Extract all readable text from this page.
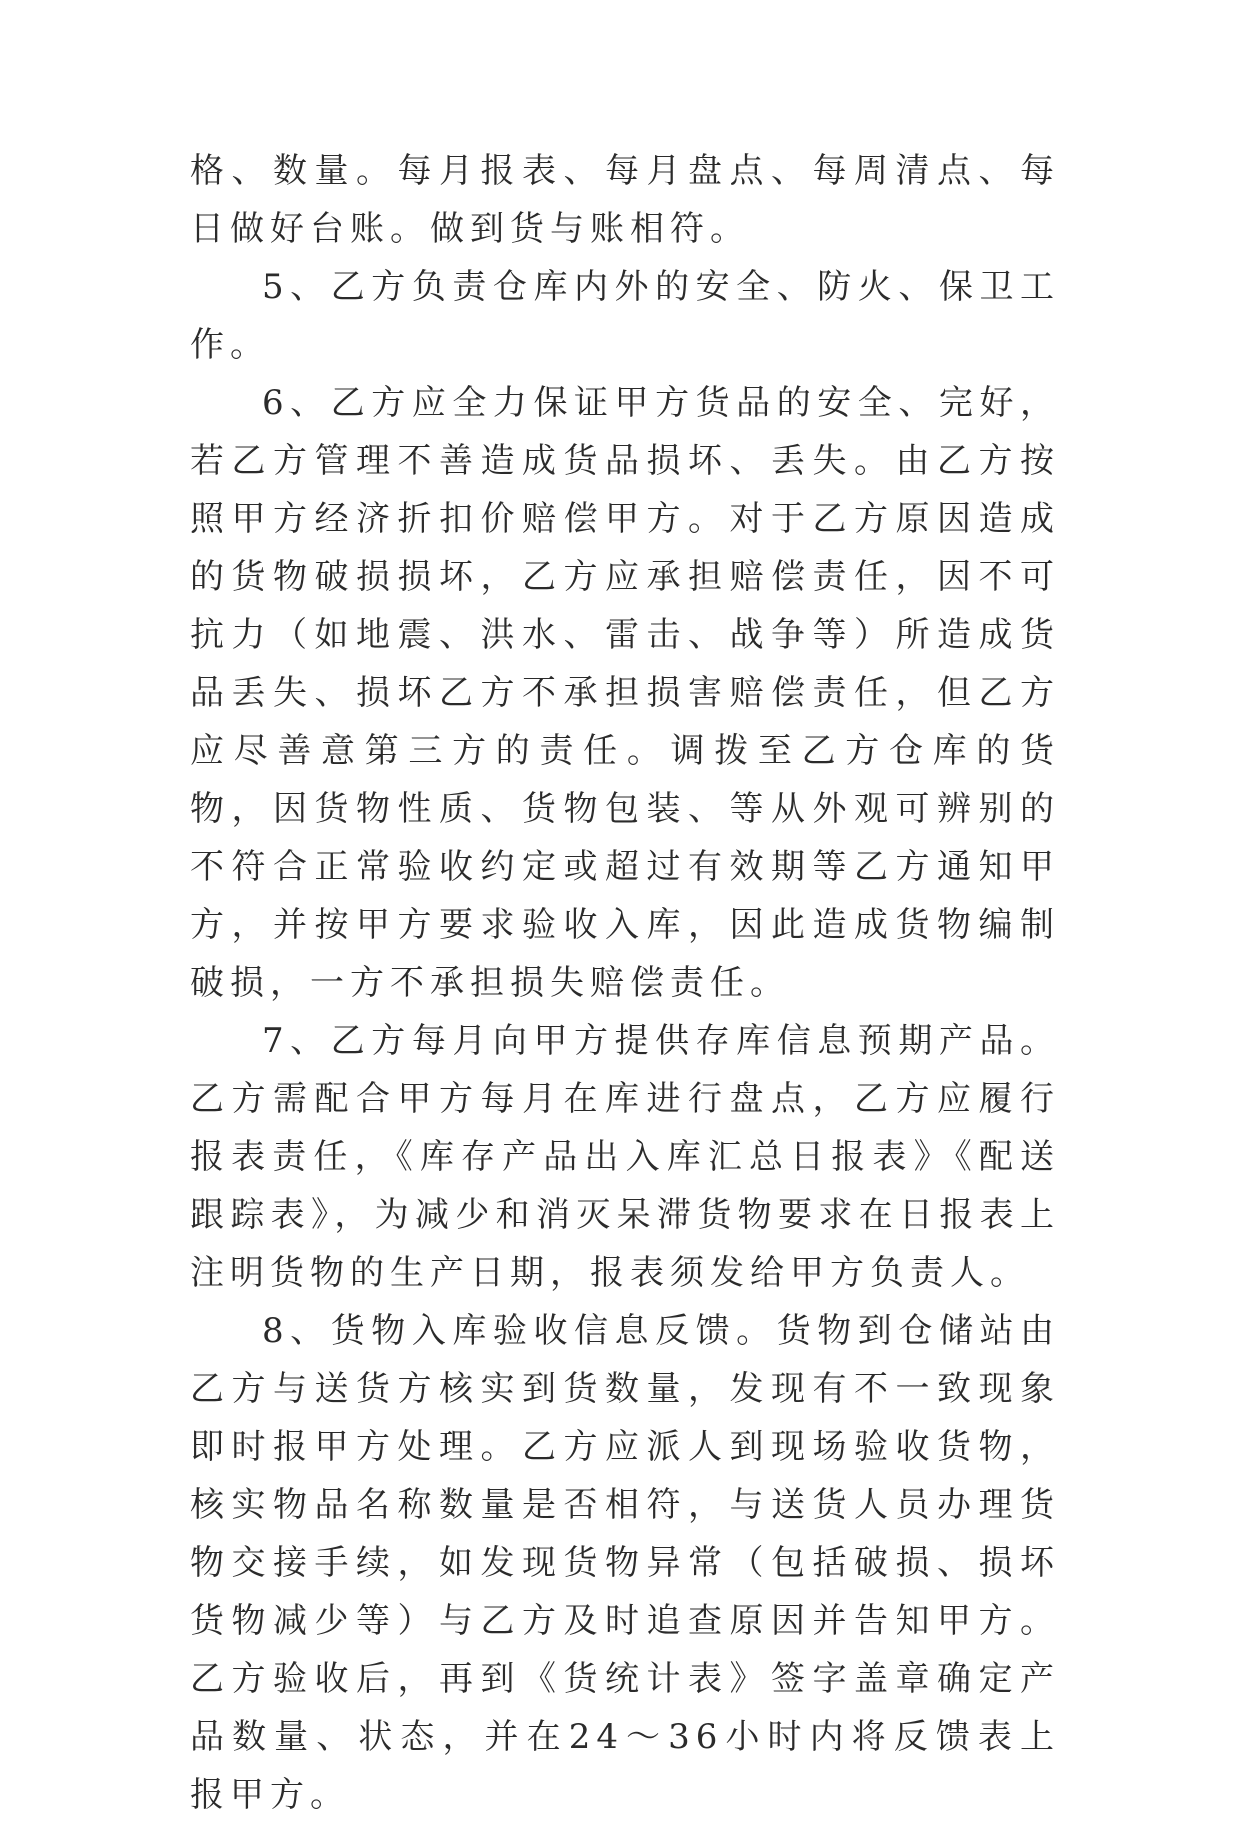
格、数量。每月报表、每月盘点、每周清点、每日做好台账。做到货与账相符。

5、乙方负责仓库内外的安全、防火、保卫工作。

6、乙方应全力保证甲方货品的安全、完好，若乙方管理不善造成货品损坏、丢失。由乙方按照甲方经济折扣价赔偿甲方。对于乙方原因造成的货物破损损坏，乙方应承担赔偿责任，因不可抗力（如地震、洪水、雷击、战争等）所造成货品丢失、损坏乙方不承担损害赔偿责任，但乙方应尽善意第三方的责任。调拨至乙方仓库的货物，因货物性质、货物包装、等从外观可辨别的不符合正常验收约定或超过有效期等乙方通知甲方，并按甲方要求验收入库，因此造成货物编制破损，一方不承担损失赔偿责任。

7、乙方每月向甲方提供存库信息预期产品。乙方需配合甲方每月在库进行盘点，乙方应履行报表责任，《库存产品出入库汇总日报表》《配送跟踪表》，为减少和消灭呆滞货物要求在日报表上注明货物的生产日期，报表须发给甲方负责人。

8、货物入库验收信息反馈。货物到仓储站由乙方与送货方核实到货数量，发现有不一致现象即时报甲方处理。乙方应派人到现场验收货物，核实物品名称数量是否相符，与送货人员办理货物交接手续，如发现货物异常（包括破损、损坏货物减少等）与乙方及时追查原因并告知甲方。乙方验收后，再到《货统计表》签字盖章确定产品数量、状态，并在24～36小时内将反馈表上报甲方。
